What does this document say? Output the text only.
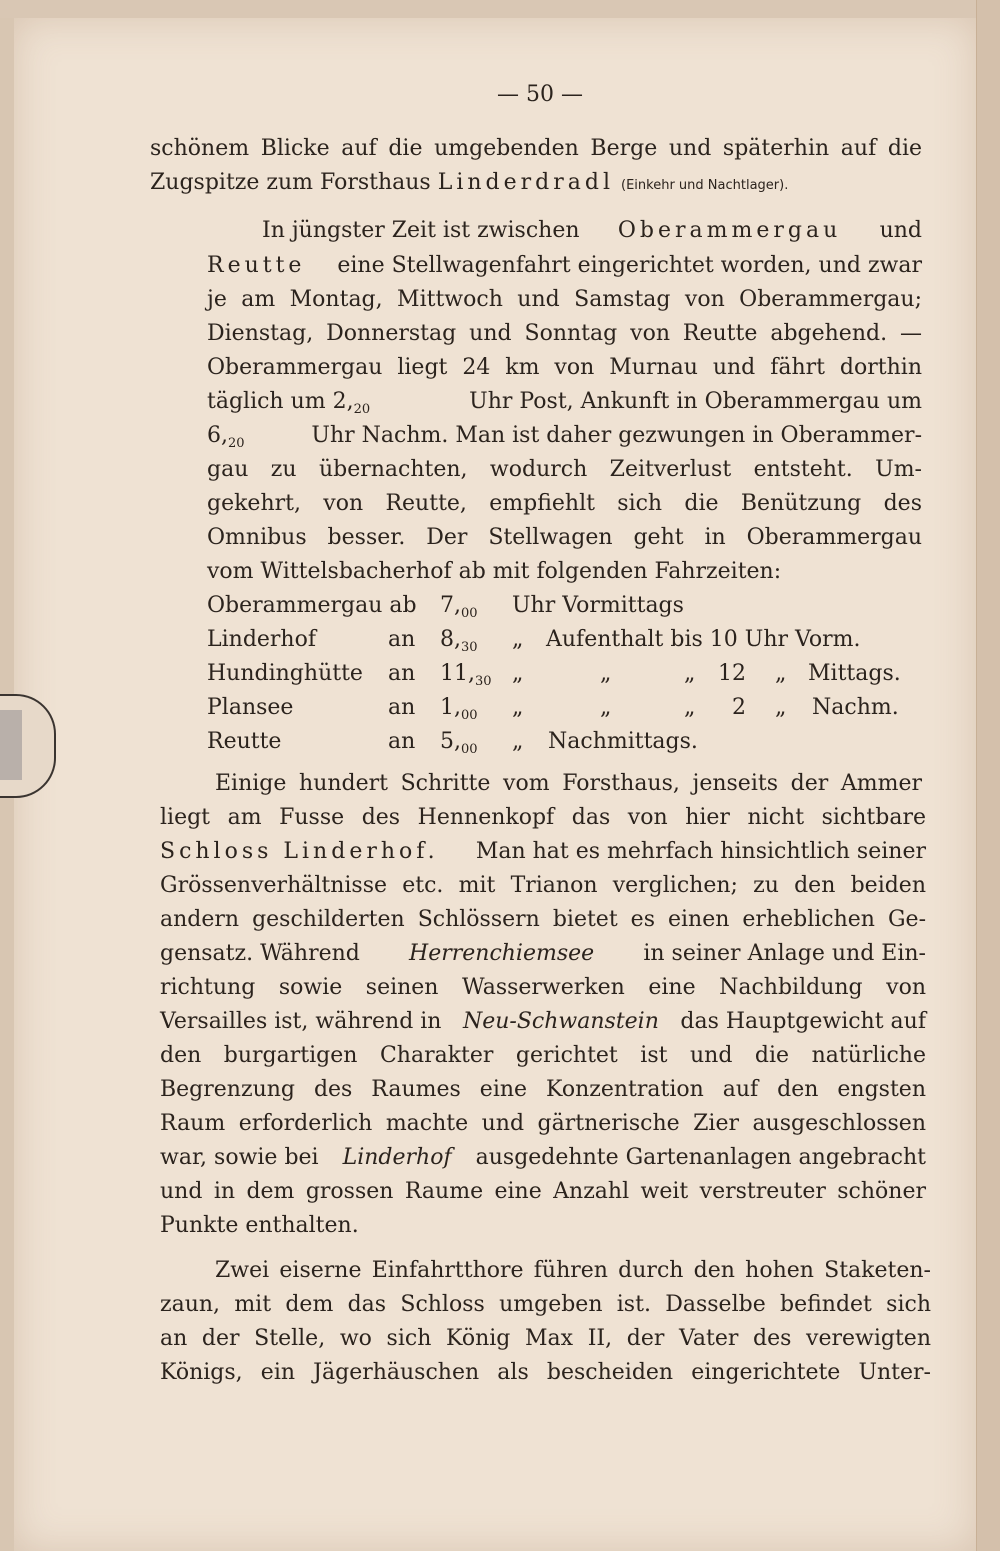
— 50 —
schönem Blicke auf die umgebenden Berge und späterhin auf die
Zugspitze zum Forsthaus Linderdradl (Einkehr und Nachtlager).
In jüngster Zeit ist zwischen Oberammergau und
Reutte eine Stellwagenfahrt eingerichtet worden, und zwar
je am Montag, Mittwoch und Samstag von Oberammergau;
Dienstag, Donnerstag und Sonntag von Reutte abgehend. —
Oberammergau liegt 24 km von Murnau und fährt dorthin
täglich um $2,_{20}$	Uhr Post, Ankunft in Oberammergau um
$6,_{20}$	Uhr Nachm. Man ist daher gezwungen in Oberammer-
gau zu übernachten, wodurch Zeitverlust entsteht. Um-
gekehrt, von Reutte, empfiehlt sich die Benützung des
Omnibus besser. Der Stellwagen geht in Oberammergau
vom Wittelsbacherhof ab mit folgenden Fahrzeiten:
Oberammergau ab $7,_{00}$ Uhr Vormittags
Linderhof	an $8,_{30}$ „ Aufenthalt bis 10 Uhr Vorm.
Hundinghütte an $11,_{30}$ „	„	„ 12 „ Mittags.
Plansee	an $1,_{00}$ „	„	„ 2 „ Nachm.
Reutte	an $5,_{00}$ „ Nachmittags.
Einige hundert Schritte vom Forsthaus, jenseits der Ammer
liegt am Fusse des Hennenkopf das von hier nicht sichtbare
Schloss Linderhof. Man hat es mehrfach hinsichtlich seiner
Grössenverhältnisse etc. mit Trianon verglichen; zu den beiden
andern geschilderten Schlössern bietet es einen erheblichen Ge-
gensatz. Während Herrenchiemsee in seiner Anlage und Ein-
richtung sowie seinen Wasserwerken eine Nachbildung von
Versailles ist, während in Neu-Schwanstein das Hauptgewicht auf
den burgartigen Charakter gerichtet ist und die natürliche
Begrenzung des Raumes eine Konzentration auf den engsten
Raum erforderlich machte und gärtnerische Zier ausgeschlossen
war, sowie bei Linderhof ausgedehnte Gartenanlagen angebracht
und in dem grossen Raume eine Anzahl weit verstreuter schöner
Punkte enthalten.
Zwei eiserne Einfahrtthore führen durch den hohen Staketen-
zaun, mit dem das Schloss umgeben ist. Dasselbe befindet sich
an der Stelle, wo sich König Max II, der Vater des verewigten
Königs, ein Jägerhäuschen als bescheiden eingerichtete Unter-
